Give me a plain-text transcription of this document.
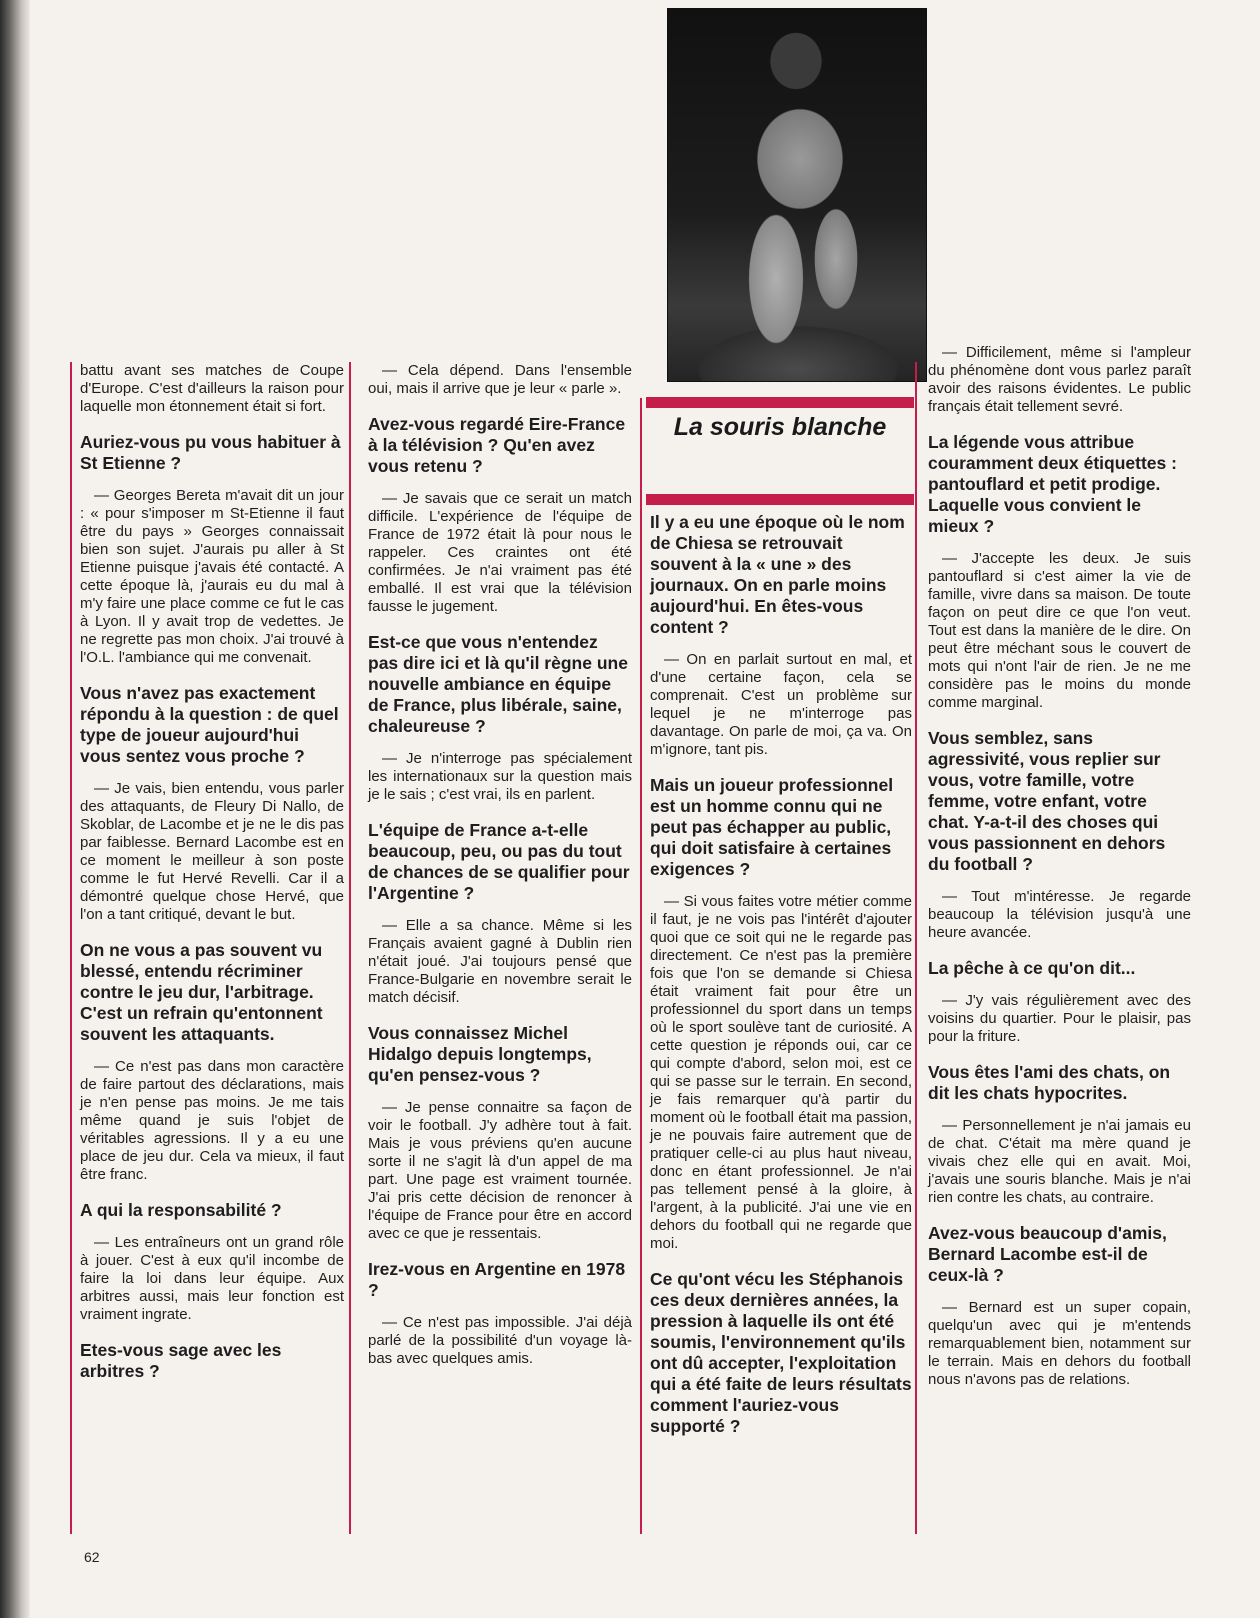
La souris blanche

battu avant ses matches de Coupe d'Europe. C'est d'ailleurs la raison pour laquelle mon étonnement était si fort.

Auriez-vous pu vous habituer à St Etienne ?

— Georges Bereta m'avait dit un jour : « pour s'imposer m St-Etienne il faut être du pays » Georges connaissait bien son sujet. J'aurais pu aller à St Etienne puisque j'avais été contacté. A cette époque là, j'aurais eu du mal à m'y faire une place comme ce fut le cas à Lyon. Il y avait trop de vedettes. Je ne regrette pas mon choix. J'ai trouvé à l'O.L. l'ambiance qui me convenait.

Vous n'avez pas exactement répondu à la question : de quel type de joueur aujourd'hui vous sentez vous proche ?

— Je vais, bien entendu, vous parler des attaquants, de Fleury Di Nallo, de Skoblar, de Lacombe et je ne le dis pas par faiblesse. Bernard Lacombe est en ce moment le meilleur à son poste comme le fut Hervé Revelli. Car il a démontré quelque chose Hervé, que l'on a tant critiqué, devant le but.

On ne vous a pas souvent vu blessé, entendu récriminer contre le jeu dur, l'arbitrage. C'est un refrain qu'entonnent souvent les attaquants.

— Ce n'est pas dans mon caractère de faire partout des déclarations, mais je n'en pense pas moins. Je me tais même quand je suis l'objet de véritables agressions. Il y a eu une place de jeu dur. Cela va mieux, il faut être franc.

A qui la responsabilité ?

— Les entraîneurs ont un grand rôle à jouer. C'est à eux qu'il incombe de faire la loi dans leur équipe. Aux arbitres aussi, mais leur fonction est vraiment ingrate.

Etes-vous sage avec les arbitres ?

— Cela dépend. Dans l'ensemble oui, mais il arrive que je leur « parle ».

Avez-vous regardé Eire-France à la télévision ? Qu'en avez vous retenu ?

— Je savais que ce serait un match difficile. L'expérience de l'équipe de France de 1972 était là pour nous le rappeler. Ces craintes ont été confirmées. Je n'ai vraiment pas été emballé. Il est vrai que la télévision fausse le jugement.

Est-ce que vous n'entendez pas dire ici et là qu'il règne une nouvelle ambiance en équipe de France, plus libérale, saine, chaleureuse ?

— Je n'interroge pas spécialement les internationaux sur la question mais je le sais ; c'est vrai, ils en parlent.

L'équipe de France a-t-elle beaucoup, peu, ou pas du tout de chances de se qualifier pour l'Argentine ?

— Elle a sa chance. Même si les Français avaient gagné à Dublin rien n'était joué. J'ai toujours pensé que France-Bulgarie en novembre serait le match décisif.

Vous connaissez Michel Hidalgo depuis longtemps, qu'en pensez-vous ?

— Je pense connaitre sa façon de voir le football. J'y adhère tout à fait. Mais je vous préviens qu'en aucune sorte il ne s'agit là d'un appel de ma part. Une page est vraiment tournée. J'ai pris cette décision de renoncer à l'équipe de France pour être en accord avec ce que je ressentais.

Irez-vous en Argentine en 1978 ?

— Ce n'est pas impossible. J'ai déjà parlé de la possibilité d'un voyage là-bas avec quelques amis.

Il y a eu une époque où le nom de Chiesa se retrouvait souvent à la « une » des journaux. On en parle moins aujourd'hui. En êtes-vous content ?

— On en parlait surtout en mal, et d'une certaine façon, cela se comprenait. C'est un problème sur lequel je ne m'interroge pas davantage. On parle de moi, ça va. On m'ignore, tant pis.

Mais un joueur professionnel est un homme connu qui ne peut pas échapper au public, qui doit satisfaire à certaines exigences ?

— Si vous faites votre métier comme il faut, je ne vois pas l'intérêt d'ajouter quoi que ce soit qui ne le regarde pas directement. Ce n'est pas la première fois que l'on se demande si Chiesa était vraiment fait pour être un professionnel du sport dans un temps où le sport soulève tant de curiosité. A cette question je réponds oui, car ce qui compte d'abord, selon moi, est ce qui se passe sur le terrain. En second, je fais remarquer qu'à partir du moment où le football était ma passion, je ne pouvais faire autrement que de pratiquer celle-ci au plus haut niveau, donc en étant professionnel. Je n'ai pas tellement pensé à la gloire, à l'argent, à la publicité. J'ai une vie en dehors du football qui ne regarde que moi.

Ce qu'ont vécu les Stéphanois ces deux dernières années, la pression à laquelle ils ont été soumis, l'environnement qu'ils ont dû accepter, l'exploitation qui a été faite de leurs résultats comment l'auriez-vous supporté ?

— Difficilement, même si l'ampleur du phénomène dont vous parlez paraît avoir des raisons évidentes. Le public français était tellement sevré.

La légende vous attribue couramment deux étiquettes : pantouflard et petit prodige. Laquelle vous convient le mieux ?

— J'accepte les deux. Je suis pantouflard si c'est aimer la vie de famille, vivre dans sa maison. De toute façon on peut dire ce que l'on veut. Tout est dans la manière de le dire. On peut être méchant sous le couvert de mots qui n'ont l'air de rien. Je ne me considère pas le moins du monde comme marginal.

Vous semblez, sans agressivité, vous replier sur vous, votre famille, votre femme, votre enfant, votre chat. Y-a-t-il des choses qui vous passionnent en dehors du football ?

— Tout m'intéresse. Je regarde beaucoup la télévision jusqu'à une heure avancée.

La pêche à ce qu'on dit...

— J'y vais régulièrement avec des voisins du quartier. Pour le plaisir, pas pour la friture.

Vous êtes l'ami des chats, on dit les chats hypocrites.

— Personnellement je n'ai jamais eu de chat. C'était ma mère quand je vivais chez elle qui en avait. Moi, j'avais une souris blanche. Mais je n'ai rien contre les chats, au contraire.

Avez-vous beaucoup d'amis, Bernard Lacombe est-il de ceux-là ?

— Bernard est un super copain, quelqu'un avec qui je m'entends remarquablement bien, notamment sur le terrain. Mais en dehors du football nous n'avons pas de relations.

62
